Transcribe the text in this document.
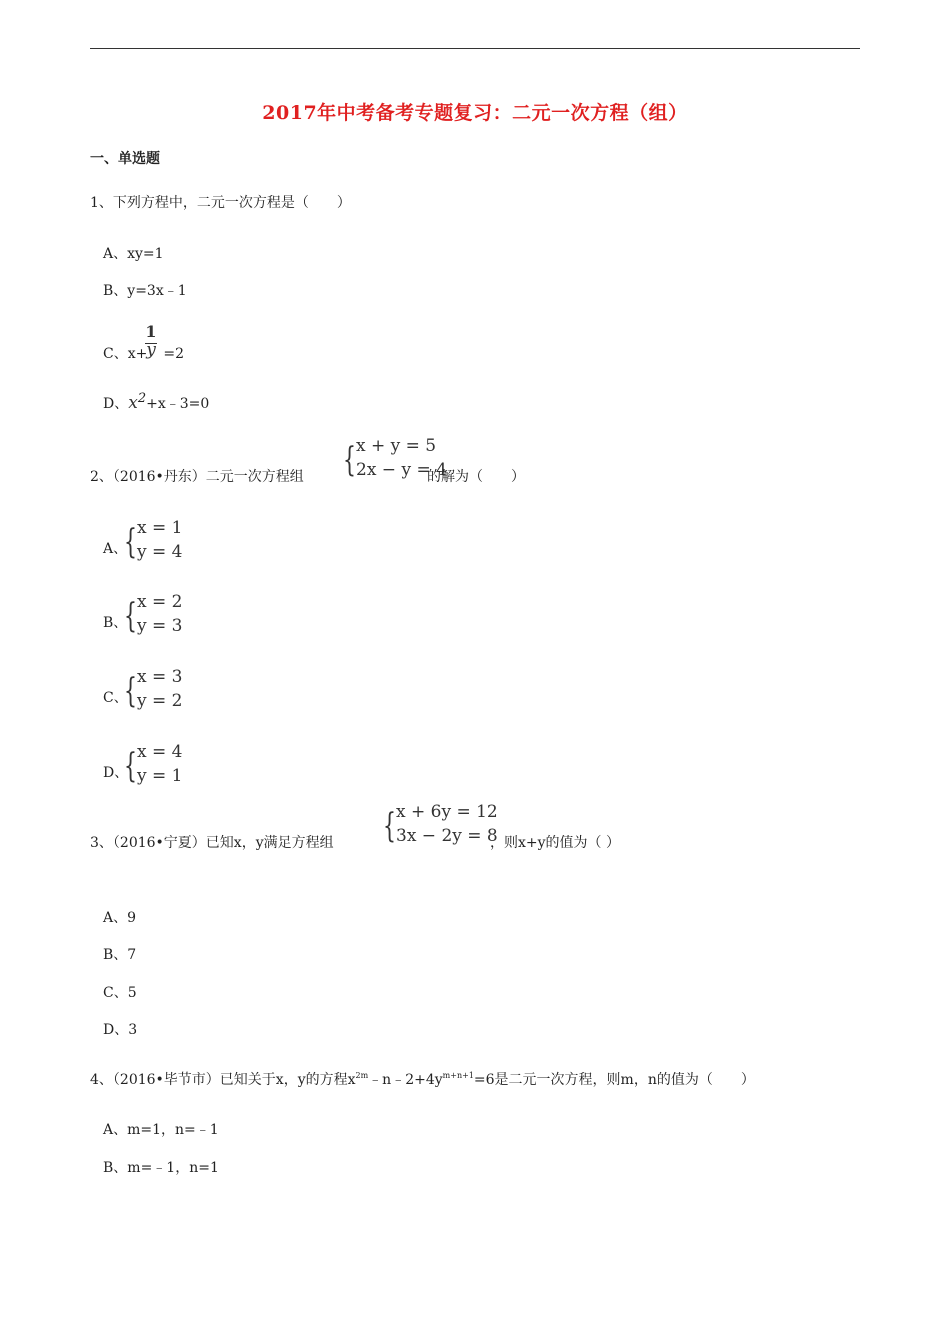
2017年中考备考专题复习：二元一次方程（组）
一、单选题
1、下列方程中，二元一次方程是（　　）
A、xy=1
B、y=3x﹣1
C、x+ =2
1
y
D、x2+x﹣3=0
2、（2016•丹东）二元一次方程组 { x + y = 5
2x − y = 4
的解为（　　）
A、
{ x = 1
y = 4
B、
{ x = 2
y = 3
C、
{ x = 3
y = 2
D、
{ x = 4
y = 1
3、（2016•宁夏）已知x，y满足方程组 { x + 6y = 12
3x − 2y = 8
，则x+y的值为（ ）
A、9
B、7
C、5
D、3
4、（2016•毕节市）已知关于x，y的方程$x^{2m}﹣n﹣2+4y^{m+n+1}=6$是二元一次方程，则m，n的值为（　　）
A、m=1，n=﹣1
B、m=﹣1，n=1
